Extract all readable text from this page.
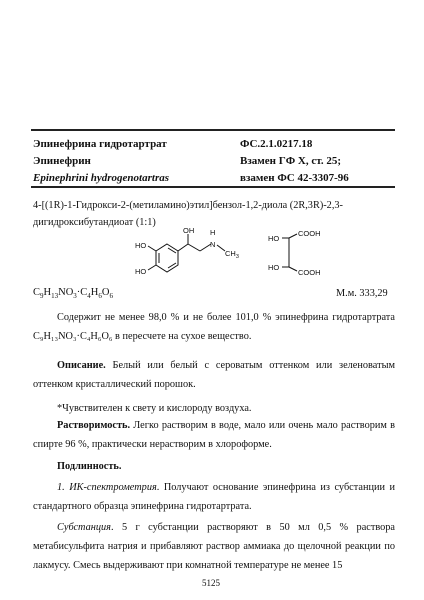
Эпинефрина гидротартрат	ФС.2.1.0217.18
Эпинефрин	Взамен ГФ X, ст. 25;
Epinephrini hydrogenotartras	взамен ФС 42-3307-96
4-[(1R)-1-Гидрокси-2-(метиламино)этил]бензол-1,2-диола (2R,3R)-2,3-дигидроксибутандиоат (1:1)
HO
HO
OH H
N
$CH_3$
HO
COOH
HO
COOH
$C_9H_{13}NO_3\cdot C_4H_6O_6$	М.м. 333,29
Содержит не менее 98,0 % и не более 101,0 % эпинефрина гидротартрата C₉H₁₃NO₃·C₄H₆O₆ в пересчете на сухое вещество.
Описание. Белый или белый с сероватым оттенком или зеленоватым оттенком кристаллический порошок.
*Чувствителен к свету и кислороду воздуха.
Растворимость. Легко растворим в воде, мало или очень мало растворим в спирте 96 %, практически нерастворим в хлороформе.
Подлинность.
1. ИК-спектрометрия. Получают основание эпинефрина из субстанции и стандартного образца эпинефрина гидротартрата.
Субстанция. 5 г субстанции растворяют в 50 мл 0,5 % раствора метабисульфита натрия и прибавляют раствор аммиака до щелочной реакции по лакмусу. Смесь выдерживают при комнатной температуре не менее 15
5125
